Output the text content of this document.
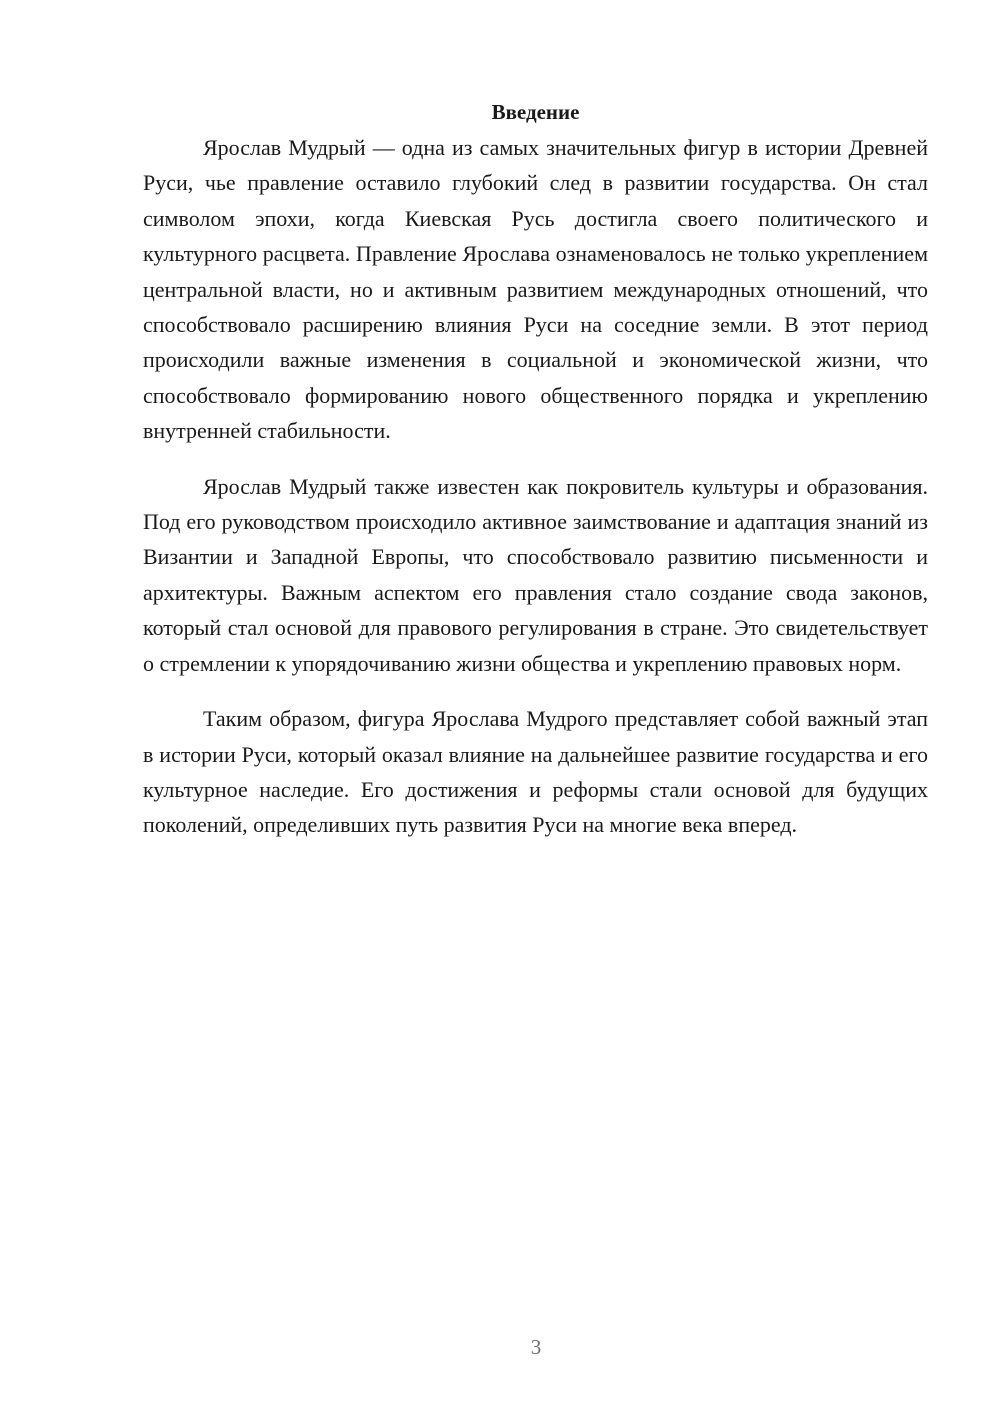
Введение

Ярослав Мудрый — одна из самых значительных фигур в истории Древней Руси, чье правление оставило глубокий след в развитии государства. Он стал символом эпохи, когда Киевская Русь достигла своего политического и культурного расцвета. Правление Ярослава ознаменовалось не только укреплением центральной власти, но и активным развитием международных отношений, что способствовало расширению влияния Руси на соседние земли. В этот период происходили важные изменения в социальной и экономической жизни, что способствовало формированию нового общественного порядка и укреплению внутренней стабильности.

Ярослав Мудрый также известен как покровитель культуры и образования. Под его руководством происходило активное заимствование и адаптация знаний из Византии и Западной Европы, что способствовало развитию письменности и архитектуры. Важным аспектом его правления стало создание свода законов, который стал основой для правового регулирования в стране. Это свидетельствует о стремлении к упорядочиванию жизни общества и укреплению правовых норм.

Таким образом, фигура Ярослава Мудрого представляет собой важный этап в истории Руси, который оказал влияние на дальнейшее развитие государства и его культурное наследие. Его достижения и реформы стали основой для будущих поколений, определивших путь развития Руси на многие века вперед.

3
